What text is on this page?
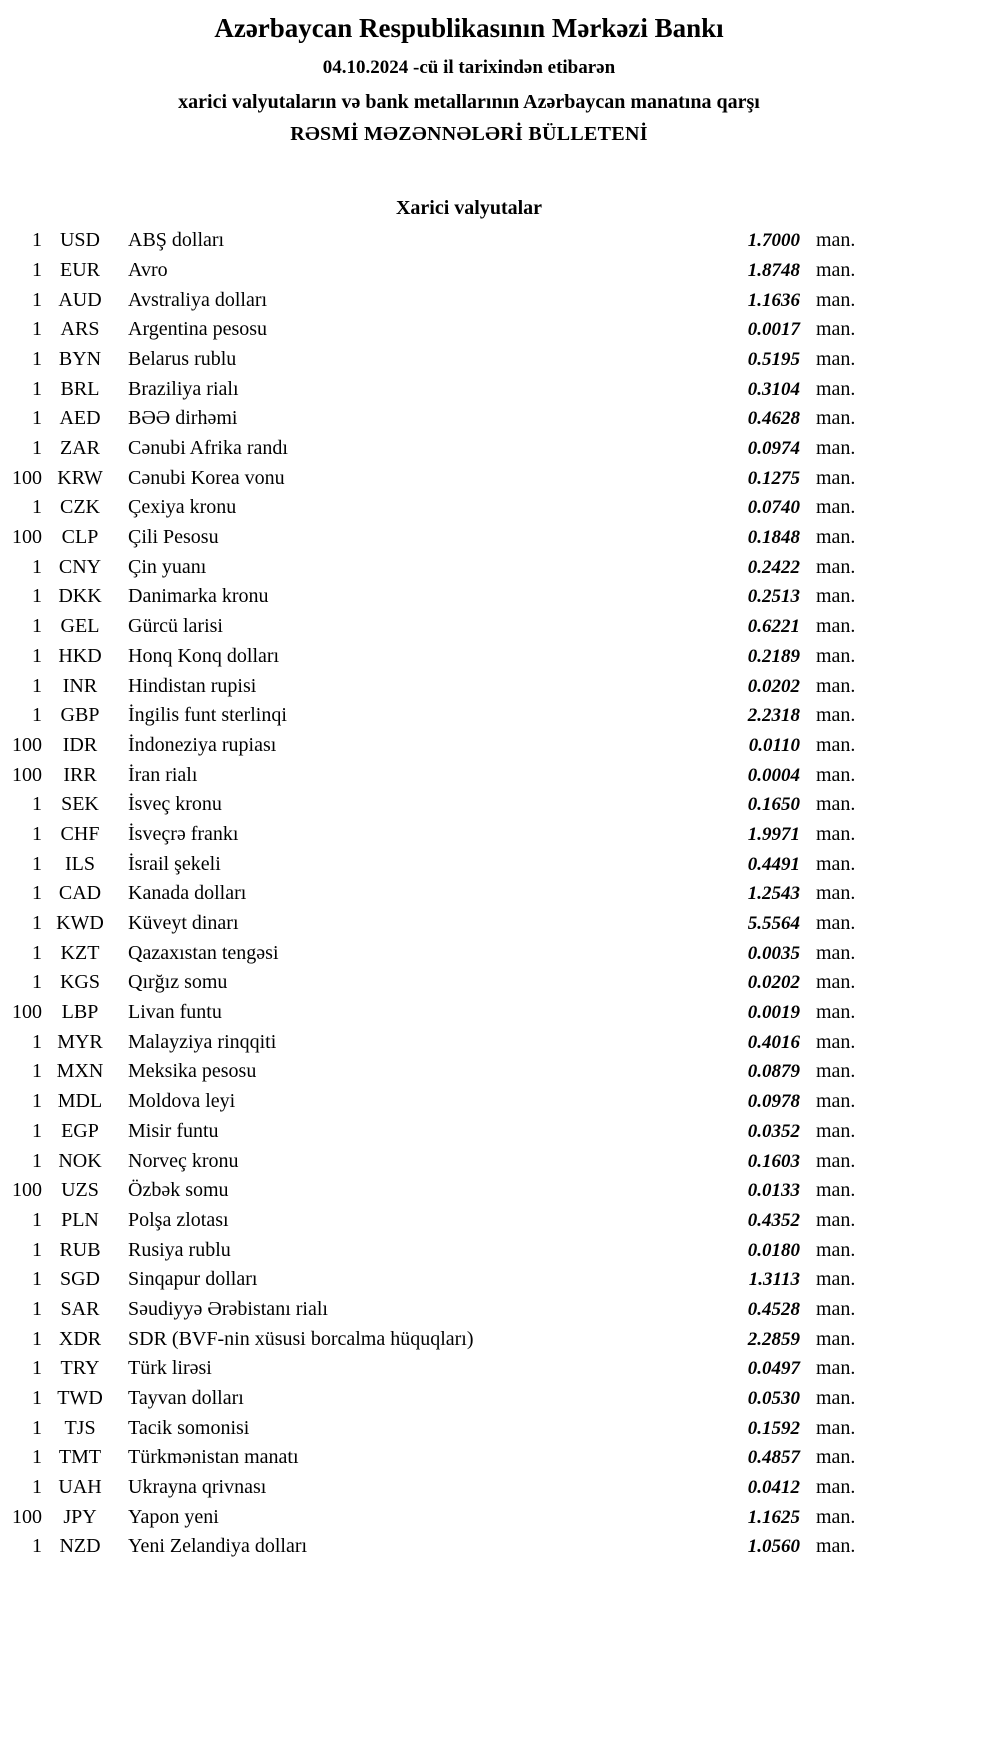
Azərbaycan Respublikasının Mərkəzi Bankı
04.10.2024 -cü il tarixindən etibarən
xarici valyutaların və bank metallarının Azərbaycan manatına qarşı
RƏSMİ MƏZƏNNƏLƏRİ BÜLLETENİ
Xarici valyutalar
1 USD	ABŞ dolları	1.7000 man.
1 EUR	Avro	1.8748 man.
1 AUD	Avstraliya dolları	1.1636 man.
1 ARS	Argentina pesosu	0.0017 man.
1 BYN	Belarus rublu	0.5195 man.
1 BRL	Braziliya rialı	0.3104 man.
1 AED	BƏƏ dirhəmi	0.4628 man.
1 ZAR	Cənubi Afrika randı	0.0974 man.
100 KRW	Cənubi Korea vonu	0.1275 man.
1 CZK	Çexiya kronu	0.0740 man.
100 CLP	Çili Pesosu	0.1848 man.
1 CNY	Çin yuanı	0.2422 man.
1 DKK	Danimarka kronu	0.2513 man.
1 GEL	Gürcü larisi	0.6221 man.
1 HKD	Honq Konq dolları	0.2189 man.
1	INR	Hindistan rupisi	0.0202 man.
1 GBP	İngilis funt sterlinqi	2.2318 man.
100	IDR	İndoneziya rupiası	0.0110 man.
100	IRR	İran rialı	0.0004 man.
1 SEK	İsveç kronu	0.1650 man.
1 CHF	İsveçrə frankı	1.9971 man.
1	ILS	İsrail şekeli	0.4491 man.
1 CAD	Kanada dolları	1.2543 man.
1 KWD	Küveyt dinarı	5.5564 man.
1 KZT	Qazaxıstan tengəsi	0.0035 man.
1 KGS	Qırğız somu	0.0202 man.
100 LBP	Livan funtu	0.0019 man.
1 MYR	Malayziya rinqqiti	0.4016 man.
1 MXN	Meksika pesosu	0.0879 man.
1 MDL	Moldova leyi	0.0978 man.
1 EGP	Misir funtu	0.0352 man.
1 NOK	Norveç kronu	0.1603 man.
100 UZS	Özbək somu	0.0133 man.
1 PLN	Polşa zlotası	0.4352 man.
1 RUB	Rusiya rublu	0.0180 man.
1 SGD	Sinqapur dolları	1.3113 man.
1 SAR	Səudiyyə Ərəbistanı rialı	0.4528 man.
1 XDR	SDR (BVF-nin xüsusi borcalma hüquqları)	2.2859 man.
1 TRY	Türk lirəsi	0.0497 man.
1 TWD	Tayvan dolları	0.0530 man.
1	TJS	Tacik somonisi	0.1592 man.
1 TMT	Türkmənistan manatı	0.4857 man.
1 UAH	Ukrayna qrivnası	0.0412 man.
100	JPY	Yapon yeni	1.1625 man.
1 NZD	Yeni Zelandiya dolları	1.0560 man.
